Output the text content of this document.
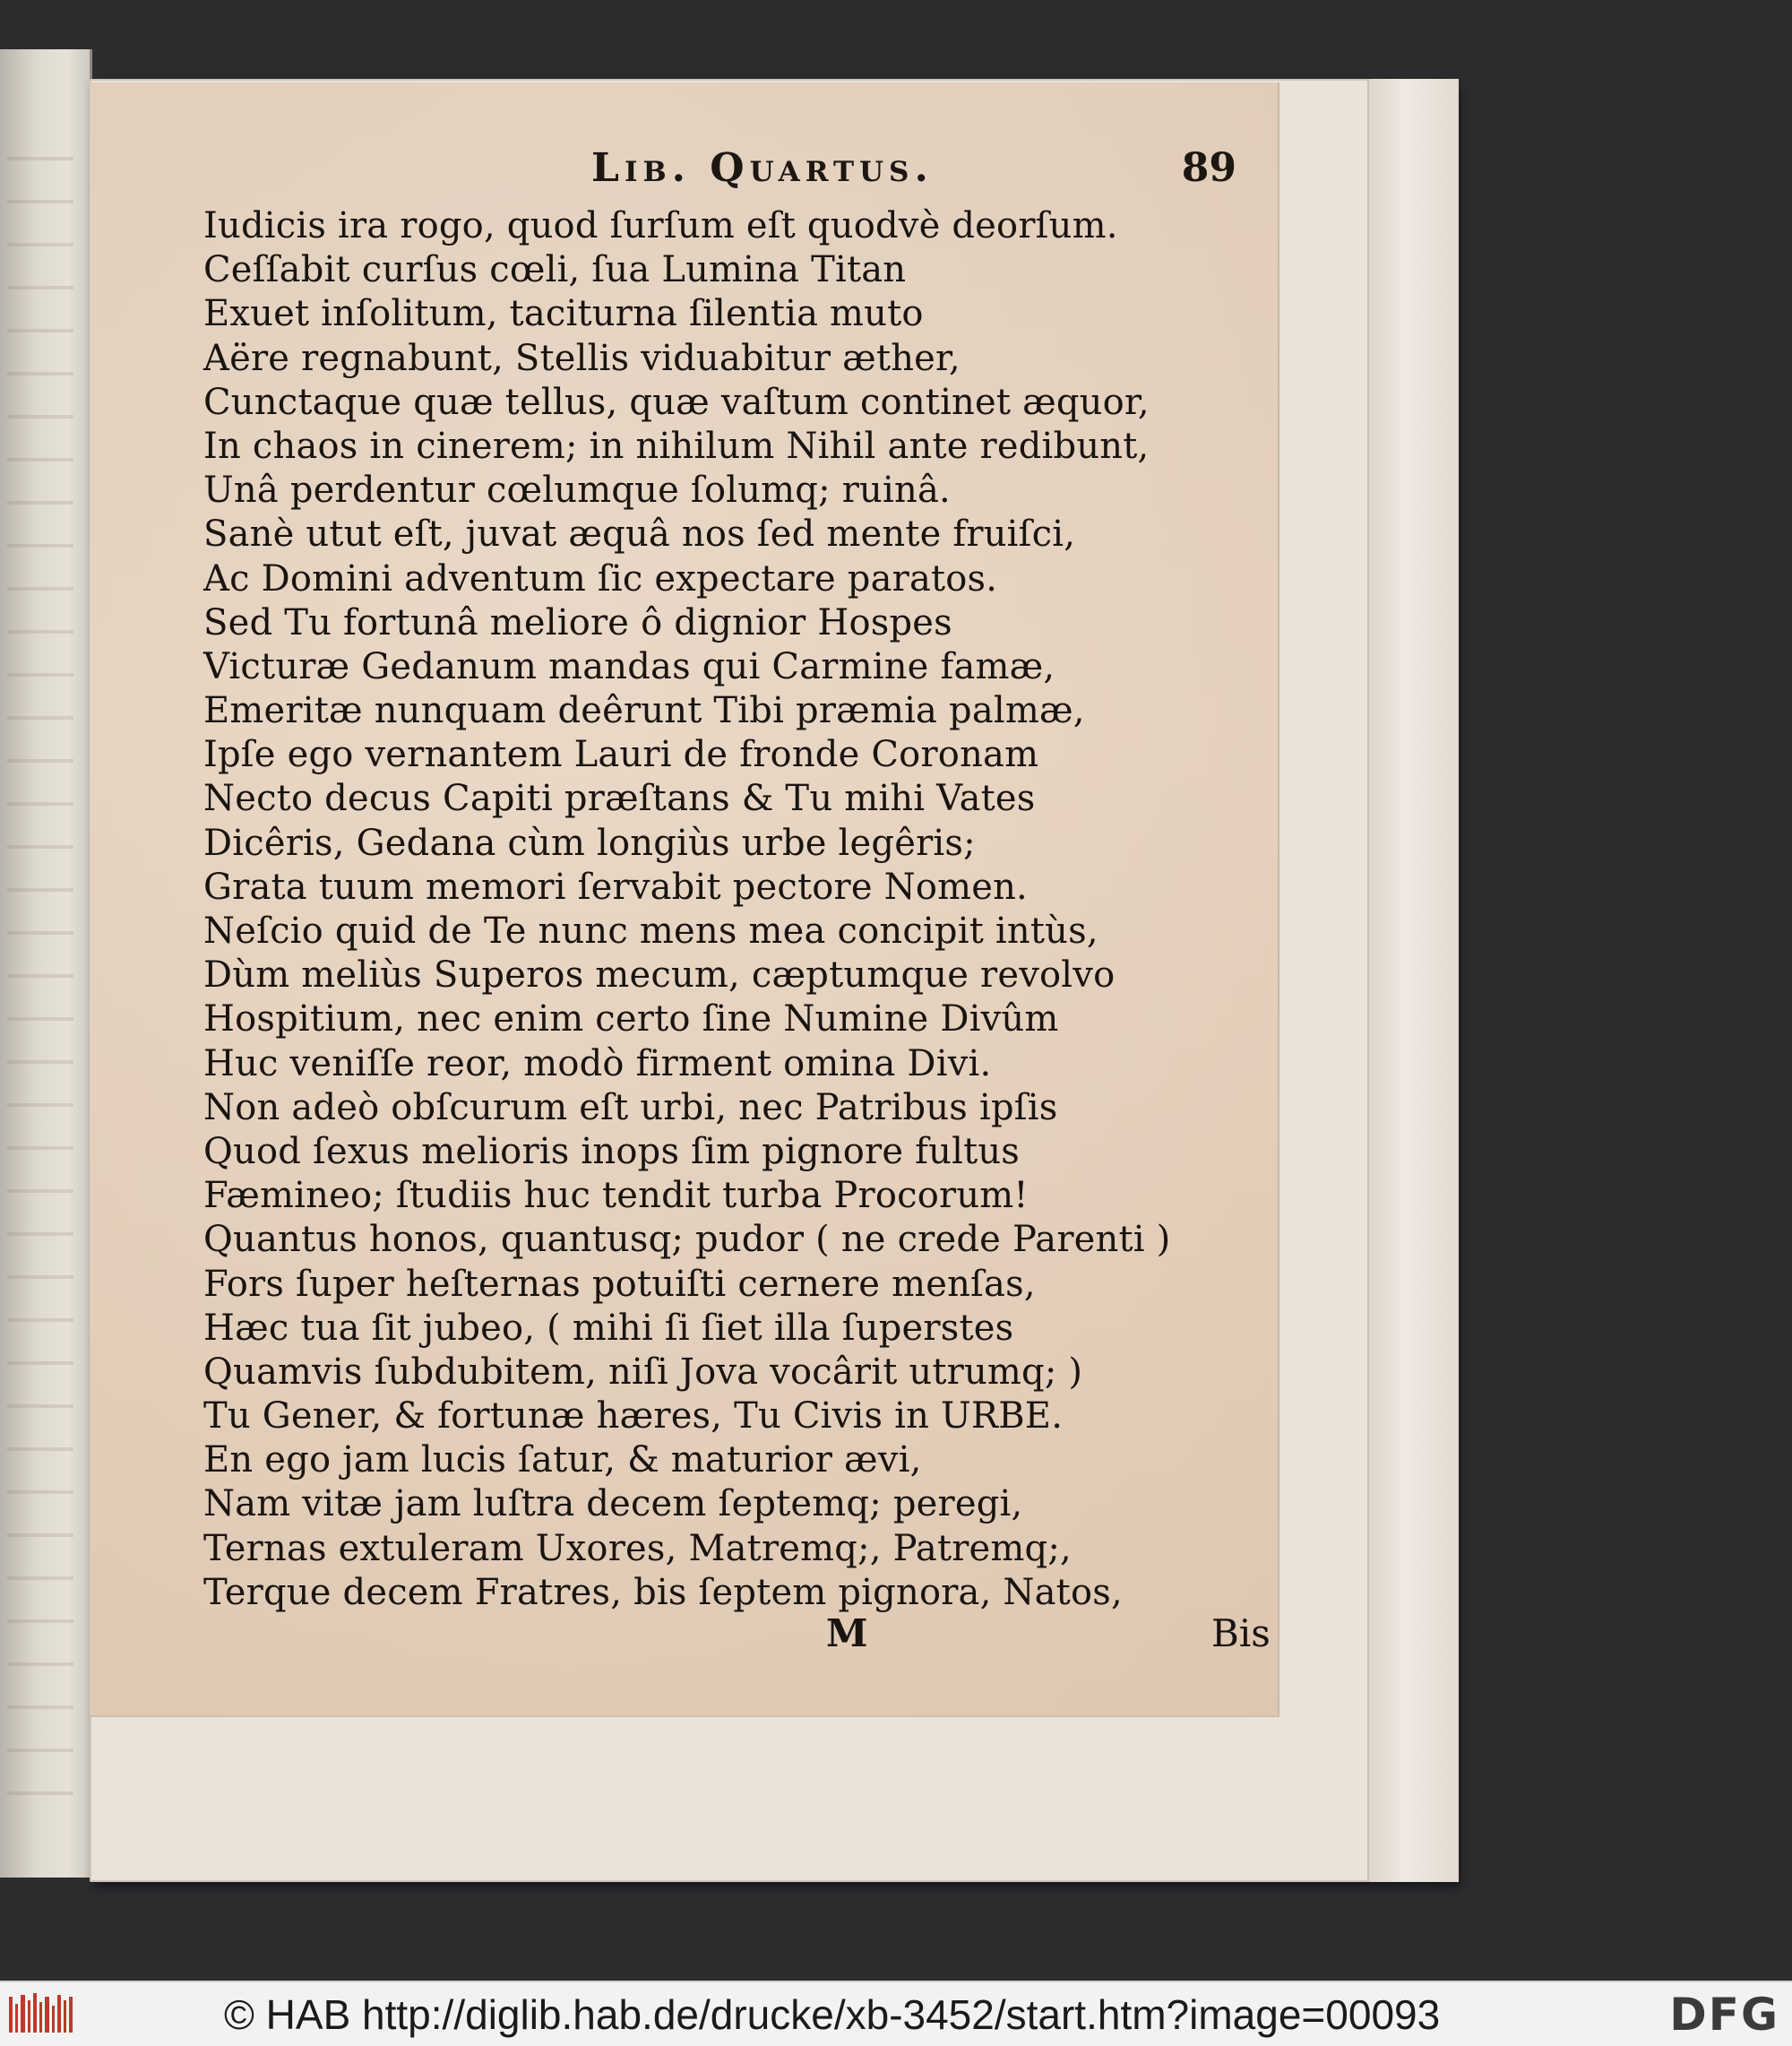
Lib. Quartus.	89
Iudicis ira rogo, quod ſurſum eſt quodvè deorſum.
Ceſſabit curſus cœli, ſua Lumina Titan
Exuet inſolitum, taciturna ſilentia muto
Aëre regnabunt, Stellis viduabitur æther,
Cunctaque quæ tellus, quæ vaſtum continet æquor,
In chaos in cinerem; in nihilum Nihil ante redibunt,
Unâ perdentur cœlumque ſolumq; ruinâ.
Sanè utut eſt, juvat æquâ nos ſed mente fruiſci,
Ac Domini adventum ſic expectare paratos.
Sed Tu fortunâ meliore ô dignior Hospes
Victuræ Gedanum mandas qui Carmine famæ,
Emeritæ nunquam deêrunt Tibi præmia palmæ,
Ipſe ego vernantem Lauri de fronde Coronam
Necto decus Capiti præſtans & Tu mihi Vates
Dicêris, Gedana cùm longiùs urbe legêris;
Grata tuum memori ſervabit pectore Nomen.
Neſcio quid de Te nunc mens mea concipit intùs,
Dùm meliùs Superos mecum, cæptumque revolvo
Hospitium, nec enim certo ſine Numine Divûm
Huc veniſſe reor, modò firment omina Divi.
Non adeò obſcurum eſt urbi, nec Patribus ipſis
Quod ſexus melioris inops ſim pignore fultus
Fæmineo; ſtudiis huc tendit turba Procorum!
Quantus honos, quantusq; pudor ( ne crede Parenti )
Fors ſuper heſternas potuiſti cernere menſas,
Hæc tua ſit jubeo, ( mihi ſi ſiet illa ſuperstes
Quamvis ſubdubitem, niſi Jova vocârit utrumq; )
Tu Gener, & fortunæ hæres, Tu Civis in URBE.
En ego jam lucis ſatur, & maturior ævi,
Nam vitæ jam luſtra decem ſeptemq; peregi,
Ternas extuleram Uxores, Matremq;, Patremq;,
Terque decem Fratres, bis ſeptem pignora, Natos,
M	Bis
© HAB http://diglib.hab.de/drucke/xb-3452/start.htm?image=00093	DFG
